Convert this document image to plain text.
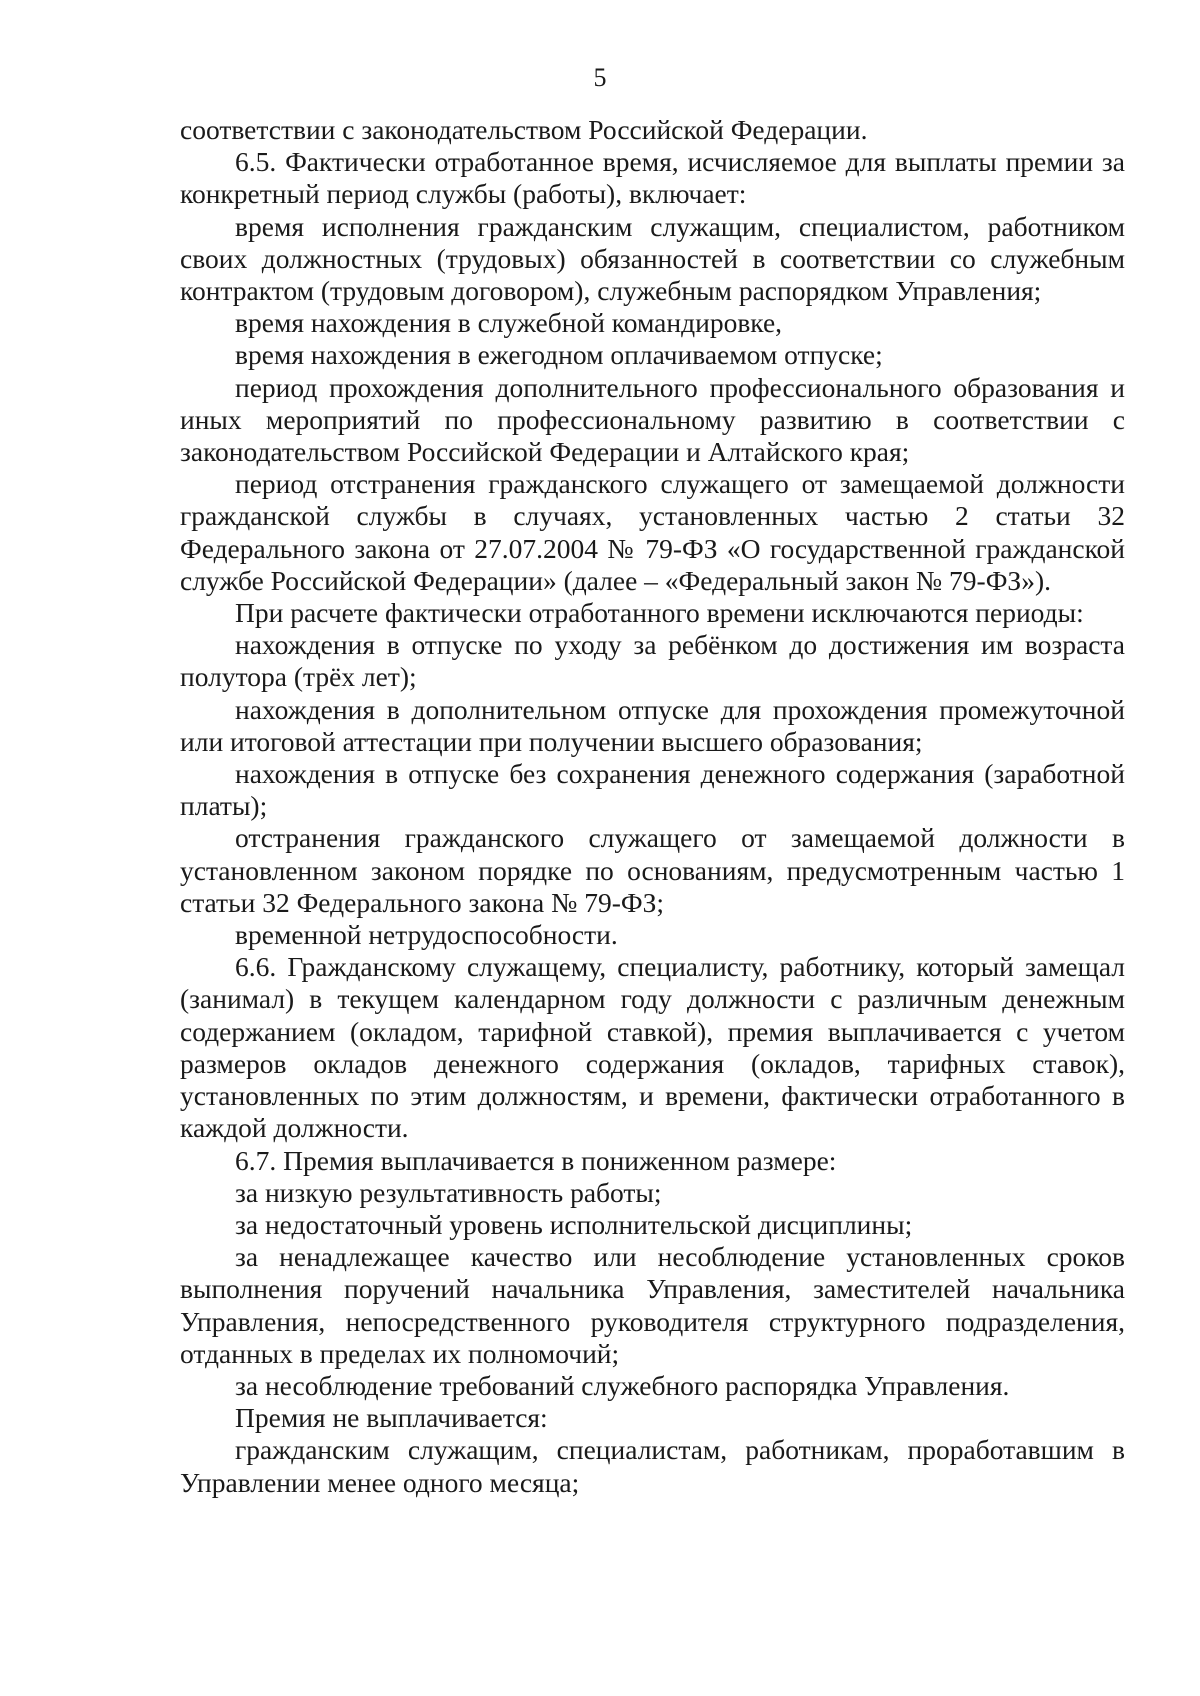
5

соответствии с законодательством Российской Федерации.

6.5. Фактически отработанное время, исчисляемое для выплаты премии за конкретный период службы (работы), включает:

время исполнения гражданским служащим, специалистом, работником своих должностных (трудовых) обязанностей в соответствии со служебным контрактом (трудовым договором), служебным распорядком Управления;

время нахождения в служебной командировке,

время нахождения в ежегодном оплачиваемом отпуске;

период прохождения дополнительного профессионального образования и иных мероприятий по профессиональному развитию в соответствии с законодательством Российской Федерации и Алтайского края;

период отстранения гражданского служащего от замещаемой должности гражданской службы в случаях, установленных частью 2 статьи 32 Федерального закона от 27.07.2004 № 79-ФЗ «О государственной гражданской службе Российской Федерации» (далее – «Федеральный закон № 79-ФЗ»).

При расчете фактически отработанного времени исключаются периоды:

нахождения в отпуске по уходу за ребёнком до достижения им возраста полутора (трёх лет);

нахождения в дополнительном отпуске для прохождения промежуточной или итоговой аттестации при получении высшего образования;

нахождения в отпуске без сохранения денежного содержания (заработной платы);

отстранения гражданского служащего от замещаемой должности в установленном законом порядке по основаниям, предусмотренным частью 1 статьи 32 Федерального закона № 79-ФЗ;

временной нетрудоспособности.

6.6. Гражданскому служащему, специалисту, работнику, который замещал (занимал) в текущем календарном году должности с различным денежным содержанием (окладом, тарифной ставкой), премия выплачивается с учетом размеров окладов денежного содержания (окладов, тарифных ставок), установленных по этим должностям, и времени, фактически отработанного в каждой должности.

6.7. Премия выплачивается в пониженном размере:

за низкую результативность работы;

за недостаточный уровень исполнительской дисциплины;

за ненадлежащее качество или несоблюдение установленных сроков выполнения поручений начальника Управления, заместителей начальника Управления, непосредственного руководителя структурного подразделения, отданных в пределах их полномочий;

за несоблюдение требований служебного распорядка Управления.

Премия не выплачивается:

гражданским служащим, специалистам, работникам, проработавшим в Управлении менее одного месяца;
